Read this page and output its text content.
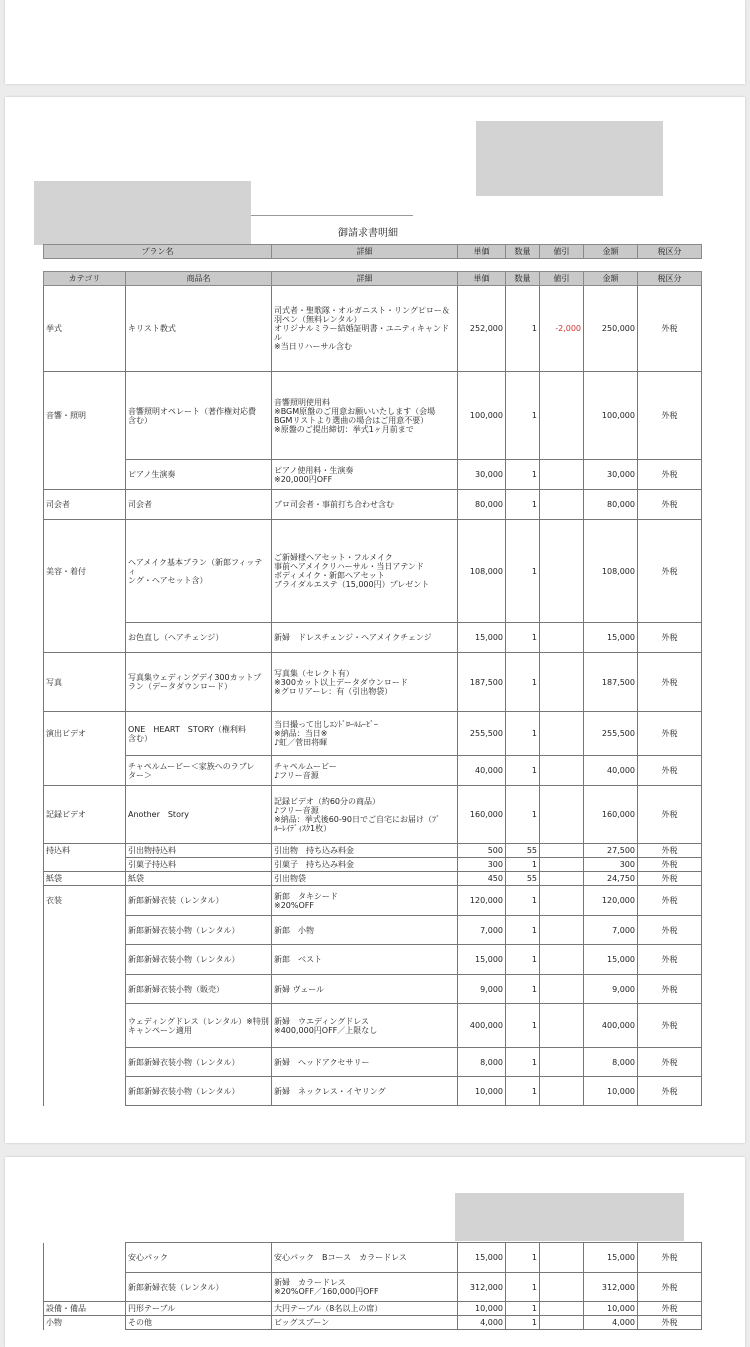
御請求書明細
プラン名	詳細	単価	数量	値引	金額	税区分
カテゴリ	商品名	詳細	単価	数量	値引	金額	税区分
挙式	キリスト教式	司式者・聖歌隊・オルガニスト・リングピロー＆
羽ペン（無料レンタル）
オリジナルミラー結婚証明書・ユニティキャンド
ル
※当日リハーサル含む	252,000	1	-2,000	250,000	外税
音響・照明	音響照明オペレート（著作権対応費
含む）	音響照明使用料
※BGM原盤のご用意お願いいたします（会場
BGMリストより選曲の場合はご用意不要）
※原盤のご提出締切：挙式1ヶ月前まで	100,000	1		100,000	外税

	ピアノ生演奏	ピアノ使用料・生演奏
※20,000円OFF	30,000	1		30,000	外税
司会者	司会者	プロ司会者・事前打ち合わせ含む	80,000	1		80,000	外税
美容・着付	ヘアメイク基本プラン（新郎フィッティ
ング・ヘアセット含）	ご新婦様ヘアセット・フルメイク
事前ヘアメイクリハーサル・当日アテンド
ボディメイク・新郎ヘアセット
ブライダルエステ（15,000円）プレゼント	108,000	1		108,000	外税

	お色直し（ヘアチェンジ）	新婦　ドレスチェンジ・ヘアメイクチェンジ	15,000	1		15,000	外税
写真	写真集ウェディングデイ300カットプ
ラン（データダウンロード）	写真集（セレクト有）
※300カット以上データダウンロード
※グロリアーレ：有（引出物袋）	187,500	1		187,500	外税
演出ビデオ	ONE　HEART　STORY（権利料
含む）	当日撮って出しｴﾝﾄﾞﾛｰﾙﾑｰﾋﾞｰ
※納品：当日※
♪虹／菅田将暉	255,500	1		255,500	外税

	チャペルムービー＜家族へのラブレ
ター＞	チャペルムービー
♪フリー音源	40,000	1		40,000	外税
記録ビデオ	Another　Story	記録ビデオ（約60分の商品）
♪フリー音源
※納品：挙式後60-90日でご自宅にお届け（ﾌﾞ
ﾙｰﾚｲﾃﾞｨｽｸ1枚）	160,000	1		160,000	外税
持込料	引出物持込料	引出物　持ち込み料金	500	55		27,500	外税

	引菓子持込料	引菓子　持ち込み料金	300	1		300	外税
紙袋	紙袋	引出物袋	450	55		24,750	外税
衣装	新郎新婦衣装（レンタル）	新郎　タキシード
※20%OFF	120,000	1		120,000	外税

	新郎新婦衣装小物（レンタル）	新郎　小物	7,000	1		7,000	外税

	新郎新婦衣装小物（レンタル）	新郎　ベスト	15,000	1		15,000	外税

	新郎新婦衣装小物（販売）	新婦 ヴェール	9,000	1		9,000	外税

	ウェディングドレス（レンタル）※特別
キャンペーン適用	新婦　ウエディングドレス
※400,000円OFF／上限なし	400,000	1		400,000	外税

	新郎新婦衣装小物（レンタル）	新婦　ヘッドアクセサリー	8,000	1		8,000	外税

	新郎新婦衣装小物（レンタル）	新婦　ネックレス・イヤリング	10,000	1		10,000	外税

	安心パック	安心パック　Bコース　カラードレス	15,000	1		15,000	外税

	新郎新婦衣装（レンタル）	新婦　カラードレス
※20%OFF／160,000円OFF	312,000	1		312,000	外税
設備・備品	円形テーブル	大円テーブル（8名以上の席）	10,000	1		10,000	外税
小物	その他	ビッグスプーン	4,000	1		4,000	外税
